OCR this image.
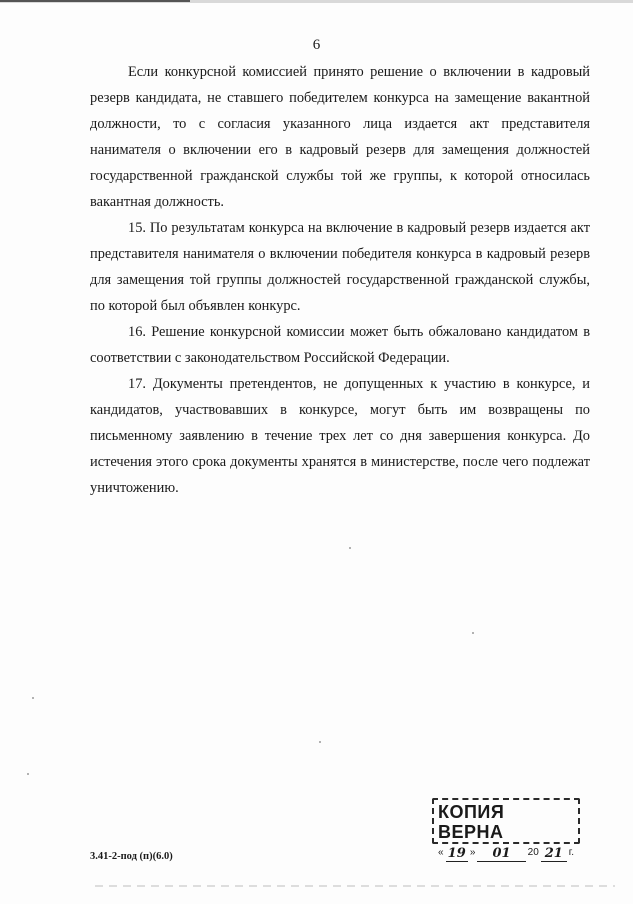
6

Если конкурсной комиссией принято решение о включении в кадровый резерв кандидата, не ставшего победителем конкурса на замещение вакантной должности, то с согласия указанного лица издается акт представителя нанимателя о включении его в кадровый резерв для замещения должностей государственной гражданской службы той же группы, к которой относилась вакантная должность.

15. По результатам конкурса на включение в кадровый резерв издается акт представителя нанимателя о включении победителя конкурса в кадровый резерв для замещения той группы должностей государственной гражданской службы, по которой был объявлен конкурс.

16. Решение конкурсной комиссии может быть обжаловано кандидатом в соответствии с законодательством Российской Федерации.

17. Документы претендентов, не допущенных к участию в конкурсе, и кандидатов, участвовавших в конкурсе, могут быть им возвращены по письменному заявлению в течение трех лет со дня завершения конкурса. До истечения этого срока документы хранятся в министерстве, после чего подлежат уничтожению.

КОПИЯ ВЕРНА
« 19 »	01	20 21 г.
3.41-2-под (п)(6.0)
